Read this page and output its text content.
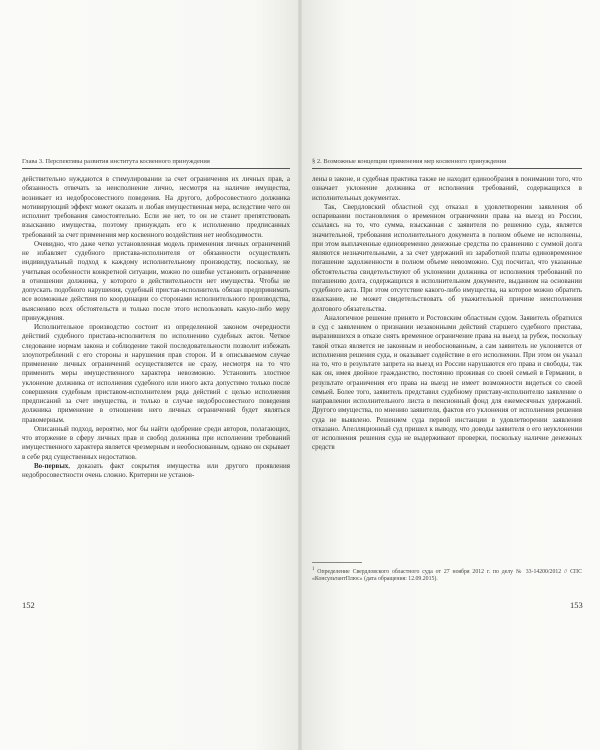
Глава 3. Перспективы развития института косвенного принуждения

действительно нуждаются в стимулировании за счет ограничения их личных прав, а обязанность отвечать за неисполнение лично, несмотря на наличие имущества, возникает из недобросовестного поведения. На другого, добросовестного должника мотивирующий эффект может оказать и любая имущественная мера, вследствие чего он исполнит требования самостоятельно. Если же нет, то он не станет препятствовать взысканию имущества, поэтому принуждать его к исполнению предписанных требований за счет применения мер косвенного воздействия нет необходимости.

Очевидно, что даже четко установленная модель применения личных ограничений не избавляет судебного пристава-исполнителя от обязанности осуществлять индивидуальный подход к каждому исполнительному производству, поскольку, не учитывая особенности конкретной ситуации, можно по ошибке установить ограничение в отношении должника, у которого в действительности нет имущества. Чтобы не допускать подобного нарушения, судебный пристав-исполнитель обязан предпринимать все возможные действия по координации со сторонами исполнительного производства, выяснению всех обстоятельств и только после этого использовать какую-либо меру принуждения.

Исполнительное производство состоит из определенной законом очередности действий судебного пристава-исполнителя по исполнению судебных актов. Четкое следование нормам закона и соблюдение такой последовательности позволит избежать злоупотреблений с его стороны и нарушения прав сторон. И в описываемом случае применение личных ограничений осуществляется не сразу, несмотря на то что применить меры имущественного характера невозможно. Установить злостное уклонение должника от исполнения судебного или иного акта допустимо только после совершения судебным приставом-исполнителем ряда действий с целью исполнения предписаний за счет имущества, и только в случае недобросовестного поведения должника применение в отношении него личных ограничений будет являться правомерным.

Описанный подход, вероятно, мог бы найти одобрение среди авторов, полагающих, что вторжение в сферу личных прав и свобод должника при исполнении требований имущественного характера является чрезмерным и необоснованным, однако он скрывает в себе ряд существенных недостатков.

Во-первых, доказать факт сокрытия имущества или другого проявления недобросовестности очень сложно. Критерии не установ-

152
§ 2. Возможные концепции применения мер косвенного принуждения

лены в законе, и судебная практика также не находит единообразия в понимании того, что означает уклонение должника от исполнения требований, содержащихся в исполнительных документах.

Так, Свердловский областной суд отказал в удовлетворении заявления об оспаривании постановления о временном ограничении права на выезд из России, ссылаясь на то, что сумма, взысканная с заявителя по решению суда, является значительной, требования исполнительного документа в полном объеме не исполнены, при этом выплаченные единовременно денежные средства по сравнению с суммой долга являются незначительными, а за счет удержаний из заработной платы единовременное погашение задолженности в полном объеме невозможно. Суд посчитал, что указанные обстоятельства свидетельствуют об уклонении должника от исполнения требований по погашению долга, содержащихся в исполнительном документе, выданном на основании судебного акта. При этом отсутствие какого-либо имущества, на которое можно обратить взыскание, не может свидетельствовать об уважительной причине неисполнения долгового обязательства.

Аналогичное решение принято и Ростовским областным судом. Заявитель обратился в суд с заявлением о признании незаконными действий старшего судебного пристава, выразившихся в отказе снять временное ограничение права на выезд за рубеж, поскольку такой отказ является не законным и необоснованным, а сам заявитель не уклоняется от исполнения решения суда, и оказывает содействие в его исполнении. При этом он указал на то, что в результате запрета на выезд из России нарушаются его права и свободы, так как он, имея двойное гражданство, постоянно проживая со своей семьей в Германии, в результате ограничения его права на выезд не имеет возможности видеться со своей семьей. Более того, заявитель представил судебному приставу-исполнителю заявление о направлении исполнительного листа в пенсионный фонд для ежемесячных удержаний. Другого имущества, по мнению заявителя, фактов его уклонения от исполнения решения суда не выявлено. Решением суда первой инстанции в удовлетворении заявления отказано. Апелляционный суд пришел к выводу, что доводы заявителя о его неуклонении от исполнения решения суда не выдерживают проверки, поскольку наличие денежных средств

$^1$ Определение Свердловского областного суда от 27 ноября 2012 г. по делу № 33-14200/2012 // СПС «КонсультантПлюс» (дата обращения: 12.09.2015).
153
